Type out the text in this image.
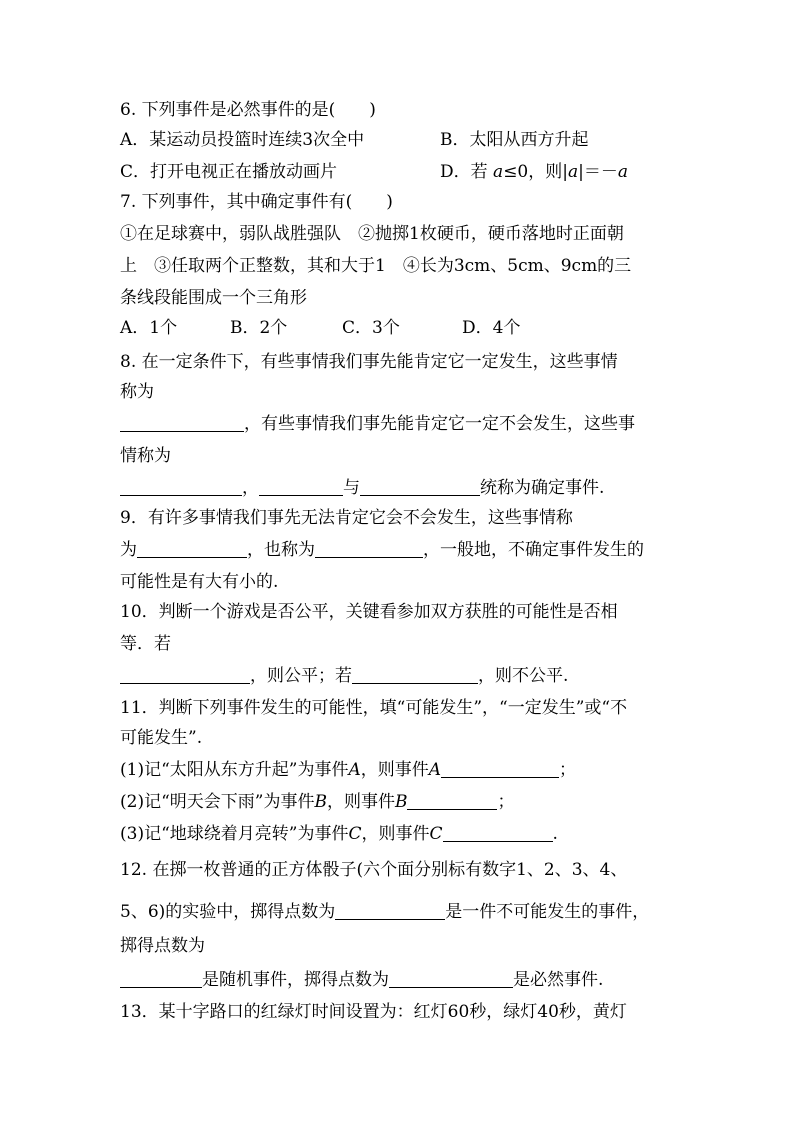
6. 下列事件是必然事件的是(　　)
A．某运动员投篮时连续3次全中	B．太阳从西方升起
C．打开电视正在播放动画片	D．若 a≤0，则|a|＝－a
7. 下列事件，其中确定事件有(　　)
①在足球赛中，弱队战胜强队　②抛掷1枚硬币，硬币落地时正面朝
上　③任取两个正整数，其和大于1　④长为3cm、5cm、9cm的三
条线段能围成一个三角形
A．1个	B．2个	C．3个	D．4个
8. 在一定条件下，有些事情我们事先能肯定它一定发生，这些事情
称为
，有些事情我们事先能肯定它一定不会发生，这些事
情称为
，	与	统称为确定事件.
9．有许多事情我们事先无法肯定它会不会发生，这些事情称
为	，也称为	，一般地，不确定事件发生的
可能性是有大有小的.
10．判断一个游戏是否公平，关键看参加双方获胜的可能性是否相
等．若
，则公平；若	，则不公平.
11．判断下列事件发生的可能性，填“可能发生”，“一定发生”或“不
可能发生”.
(1)记“太阳从东方升起”为事件A，则事件A	；
(2)记“明天会下雨”为事件B，则事件B	；
(3)记“地球绕着月亮转”为事件C，则事件C	.
12. 在掷一枚普通的正方体骰子(六个面分别标有数字1、2、3、4、
5、6)的实验中，掷得点数为	是一件不可能发生的事件，
掷得点数为
是随机事件，掷得点数为	是必然事件.
13．某十字路口的红绿灯时间设置为：红灯60秒，绿灯40秒，黄灯
